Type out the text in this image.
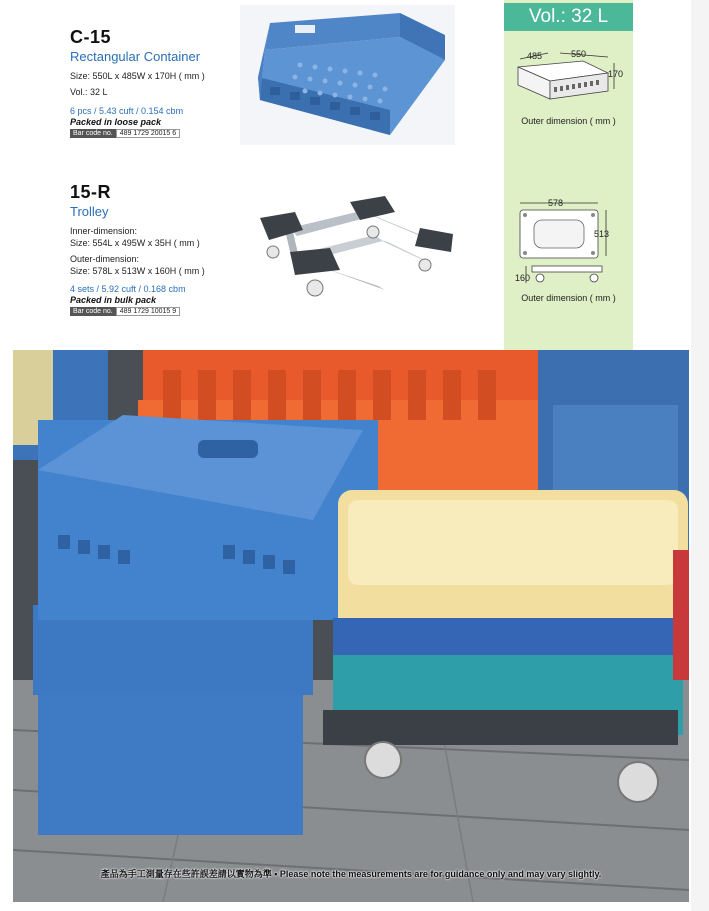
C-15
Rectangular Container
Size: 550L x 485W x 170H ( mm )
Vol.: 32 L
6 pcs / 5.43 cuft / 0.154 cbm
Packed in loose pack
Bar code no.	489 1729 20015 6
15-R
Trolley
Inner-dimension:
Size: 554L x 495W x 35H ( mm )
Outer-dimension:
Size: 578L x 513W x 160H ( mm )
4 sets / 5.92 cuft / 0.168 cbm
Packed in bulk pack
Bar code no.	489 1729 10015 9
Vol.: 32 L
485	550
170
Outer dimension ( mm )
578
513
160
Outer dimension ( mm )
產品為手工測量存在些許誤差請以實物為準 • Please note the measurements are for guidance only and may vary slightly.
